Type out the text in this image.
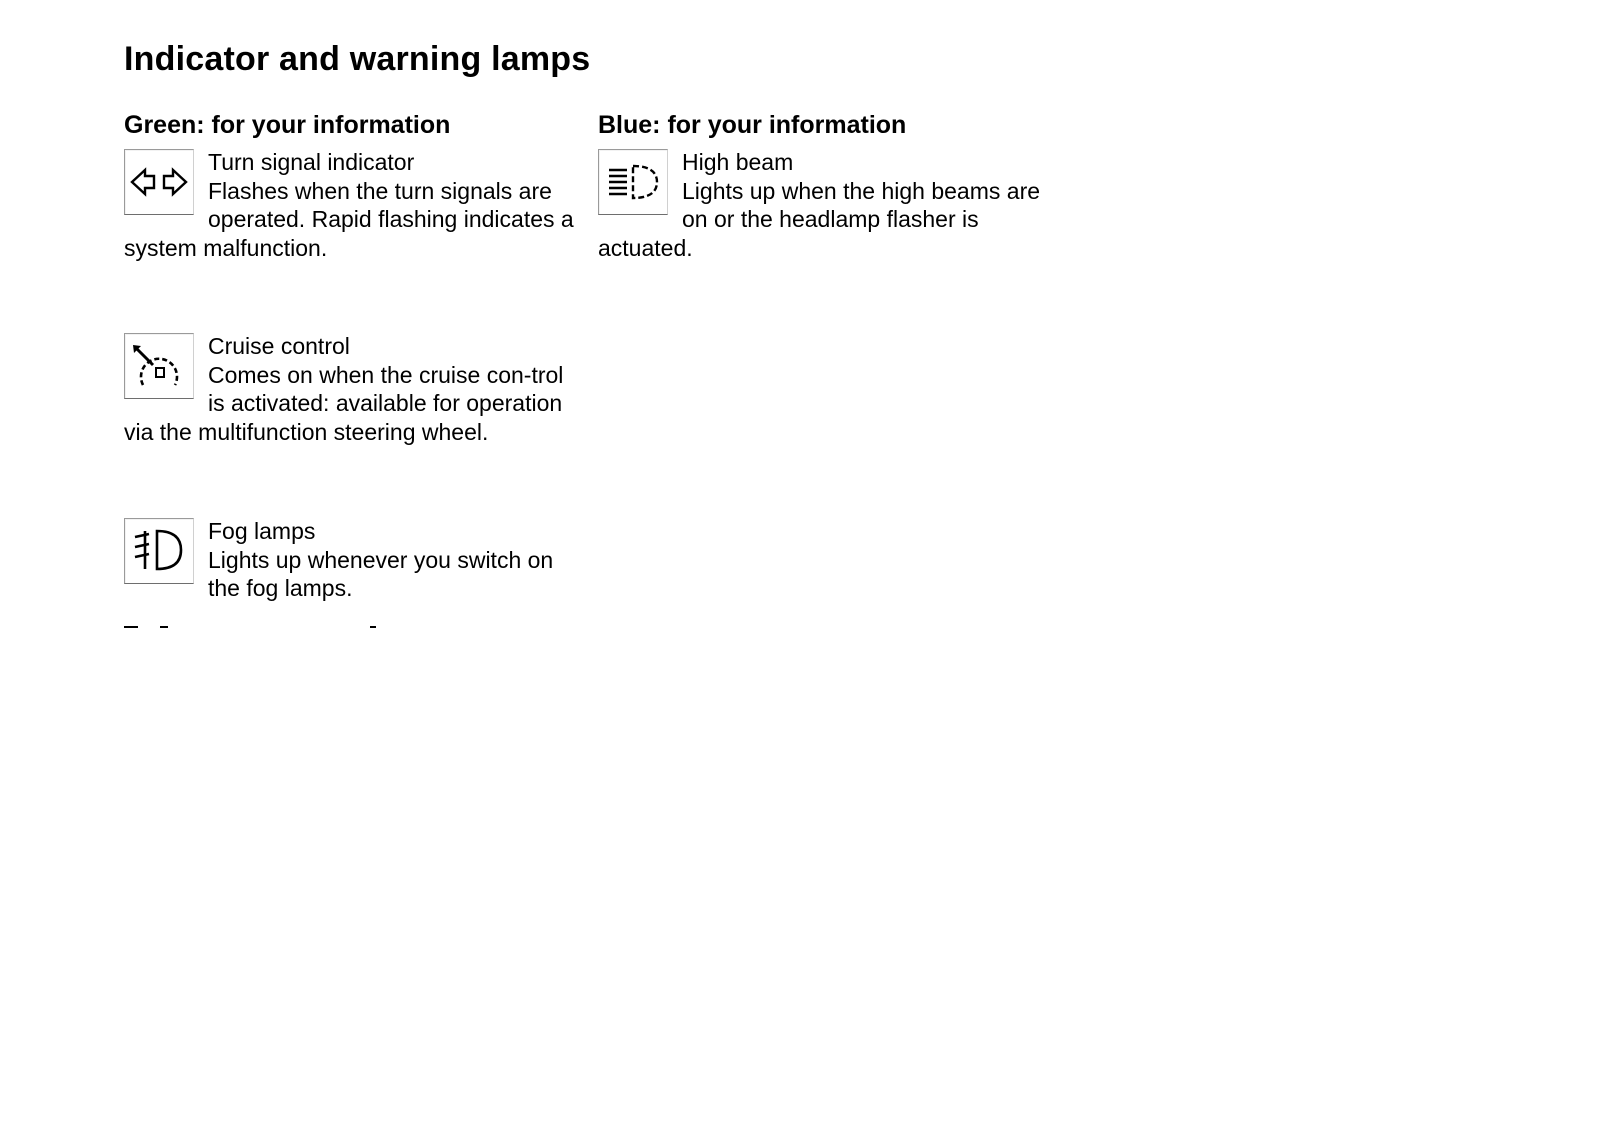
Indicator and warning lamps
Green: for your information
Turn signal indicatorFlashes when the turn signals are operated. Rapid flashing indicates a system malfunction.
Cruise controlComes on when the cruise con-trol is activated: available for operation via the multifunction steering wheel.
Fog lampsLights up whenever you switch on the fog lamps.
Blue: for your information
High beamLights up when the high beams are on or the headlamp flasher is actuated.
